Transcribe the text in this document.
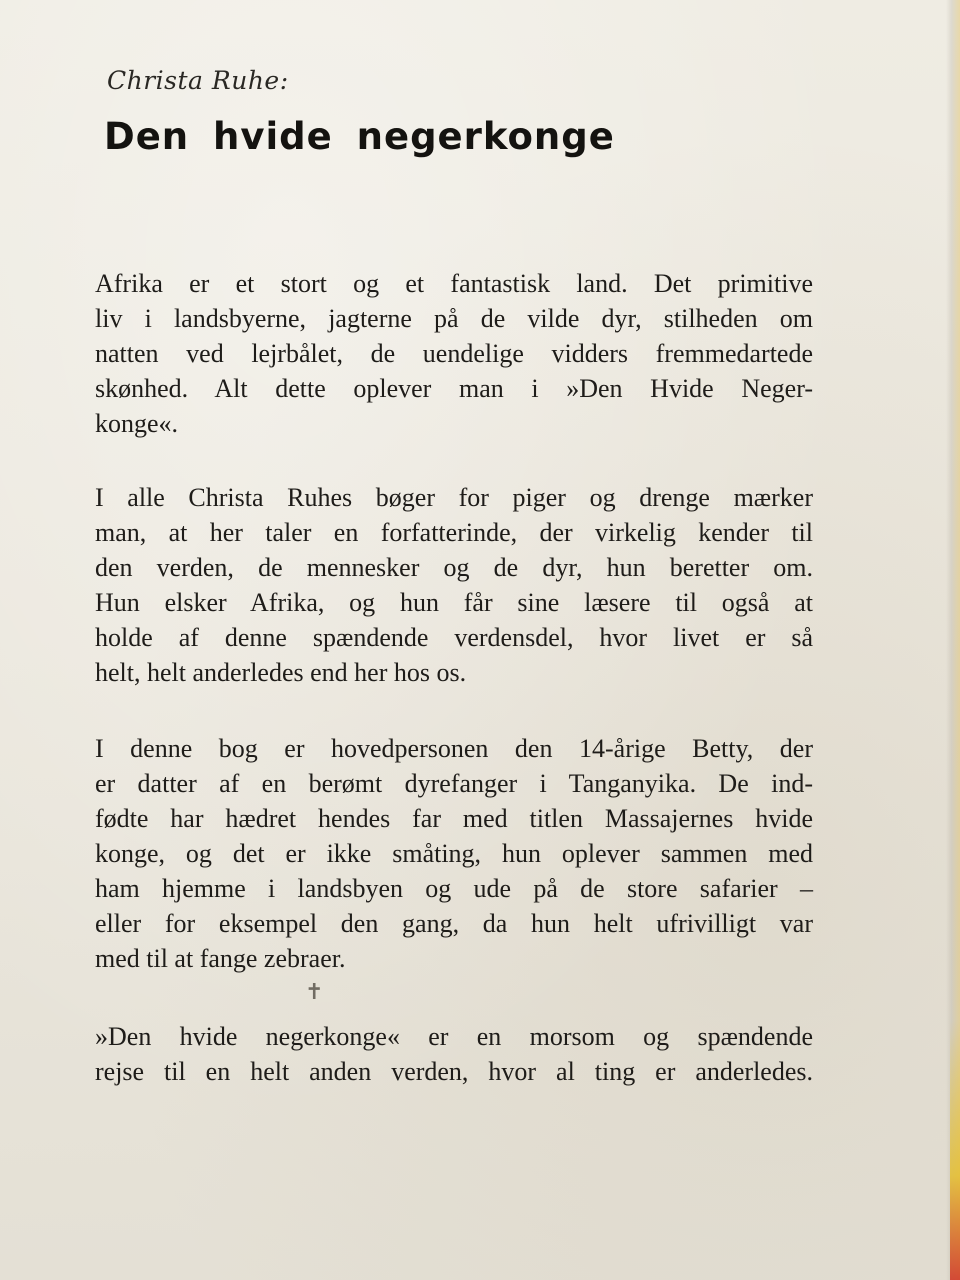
Christa Ruhe:
Den hvide negerkonge
Afrika er et stort og et fantastisk land. Det primitive
liv i landsbyerne, jagterne på de vilde dyr, stilheden om
natten ved lejrbålet, de uendelige vidders fremmedartede
skønhed. Alt dette oplever man i »Den Hvide Neger-
konge«.
I alle Christa Ruhes bøger for piger og drenge mærker
man, at her taler en forfatterinde, der virkelig kender til
den verden, de mennesker og de dyr, hun beretter om.
Hun elsker Afrika, og hun får sine læsere til også at
holde af denne spændende verdensdel, hvor livet er så
helt, helt anderledes end her hos os.
I denne bog er hovedpersonen den 14-årige Betty, der
er datter af en berømt dyrefanger i Tanganyika. De ind-
fødte har hædret hendes far med titlen Massajernes hvide
konge, og det er ikke småting, hun oplever sammen med
ham hjemme i landsbyen og ude på de store safarier –
eller for eksempel den gang, da hun helt ufrivilligt var
med til at fange zebraer.
✝
»Den hvide negerkonge« er en morsom og spændende
rejse til en helt anden verden, hvor al ting er anderledes.
